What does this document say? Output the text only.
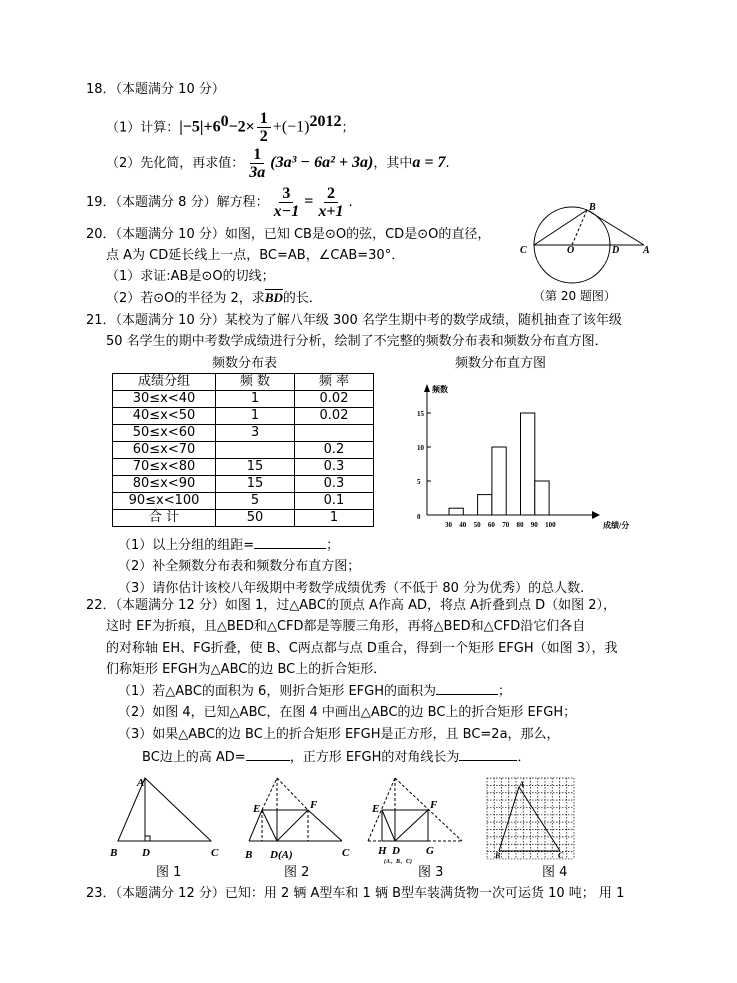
18．（本题满分 10 分）
（1）计算：$|-5|+6^0-2\times \frac{1}{2} +(-1)^{2012}$；
（2）先化简，再求值： $\frac{1}{3a} (3a^3 - 6a^2 + 3a)$，其中a = 7.
19．（本题满分 8 分）解方程： $\frac{3}{x-1} = \frac{2}{x+1}$ .
20．（本题满分 10 分）如图，已知 CB是⊙O的弦，CD是⊙O的直径，
点 A为 CD延长线上一点，BC=AB，∠CAB=30°．
（1）求证:AB是⊙O的切线；
（2）若⊙O的半径为 2，求$\overline{BD}$的长．
B
C	O	D A
（第 20 题图）
21．（本题满分 10 分）某校为了解八年级 300 名学生期中考的数学成绩，随机抽查了该年级
50 名学生的期中考数学成绩进行分析，绘制了不完整的频数分布表和频数分布直方图．
频数分布表	频数分布直方图
成绩分组	频 数	频 率
30≤x<40	1	0.02
40≤x<50	1	0.02
50≤x<60	3	
60≤x<70		0.2
70≤x<80	15	0.3
80≤x<90	15	0.3
90≤x<100	5	0.1
合 计	50	1
频数
成绩/分
0
5
10
15
30 40 50 60 70 80 90 100
（1）以上分组的组距=	；
（2）补全频数分布表和频数分布直方图；
（3）请你估计该校八年级期中考数学成绩优秀（不低于 80 分为优秀）的总人数.
22．（本题满分 12 分）如图 1，过△ABC的顶点 A作高 AD，将点 A折叠到点 D（如图 2），
这时 EF为折痕，且△BED和△CFD都是等腰三角形，再将△BED和△CFD沿它们各自
的对称轴 EH、FG折叠，使 B、C两点都与点 D重合，得到一个矩形 EFGH（如图 3），我
们称矩形 EFGH为△ABC的边 BC上的折合矩形．
（1）若△ABC的面积为 6，则折合矩形 EFGH的面积为	；
（2）如图 4，已知△ABC，在图 4 中画出△ABC的边 BC上的折合矩形 EFGH；
（3）如果△ABC的边 BC上的折合矩形 EFGH是正方形，且 BC=2a，那么，
BC边上的高 AD=	，正方形 EFGH的对角线长为	．
A
B D	C
E	F
B D(A)	C
E	F
H D G
(A、B、C)
A
B	C
图 1	图 2	图 3	图 4
23．（本题满分 12 分）已知：用 2 辆 A型车和 1 辆 B型车装满货物一次可运货 10 吨； 用 1
